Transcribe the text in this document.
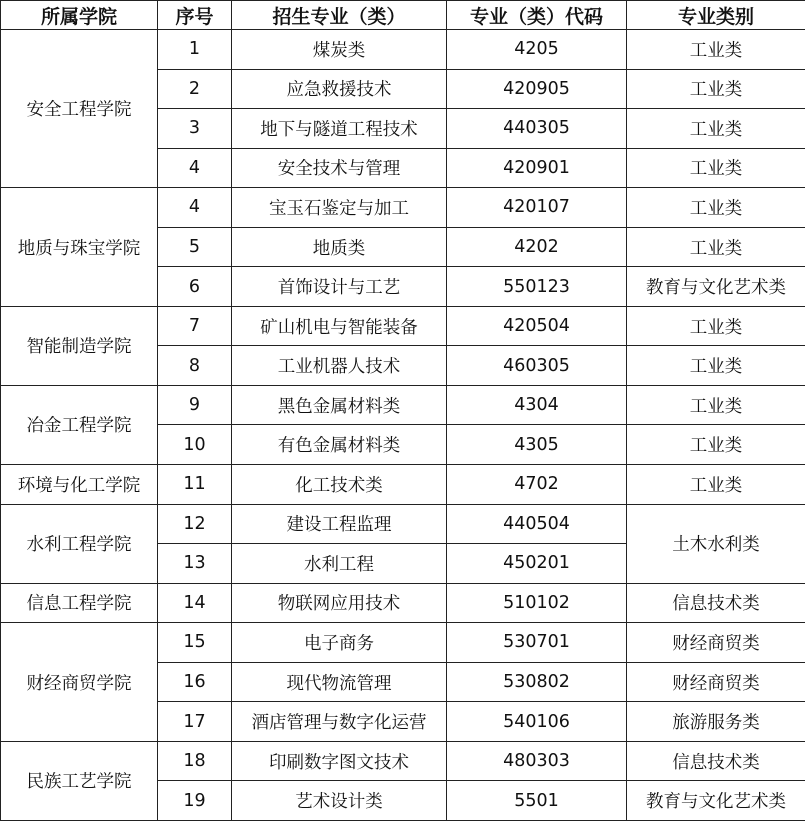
所属学院	序号	招生专业（类）	专业（类）代码	专业类别
安全工程学院	1	煤炭类	4205	工业类
	2	应急救援技术	420905	工业类
	3	地下与隧道工程技术	440305	工业类
	4	安全技术与管理	420901	工业类
地质与珠宝学院	4	宝玉石鉴定与加工	420107	工业类
	5	地质类	4202	工业类
	6	首饰设计与工艺	550123	教育与文化艺术类
智能制造学院	7	矿山机电与智能装备	420504	工业类
	8	工业机器人技术	460305	工业类
冶金工程学院	9	黑色金属材料类	4304	工业类
	10	有色金属材料类	4305	工业类
环境与化工学院	11	化工技术类	4702	工业类
水利工程学院	12	建设工程监理	440504	土木水利类
	13	水利工程	450201	
信息工程学院	14	物联网应用技术	510102	信息技术类
财经商贸学院	15	电子商务	530701	财经商贸类
	16	现代物流管理	530802	财经商贸类
	17	酒店管理与数字化运营	540106	旅游服务类
民族工艺学院	18	印刷数字图文技术	480303	信息技术类
	19	艺术设计类	5501	教育与文化艺术类
